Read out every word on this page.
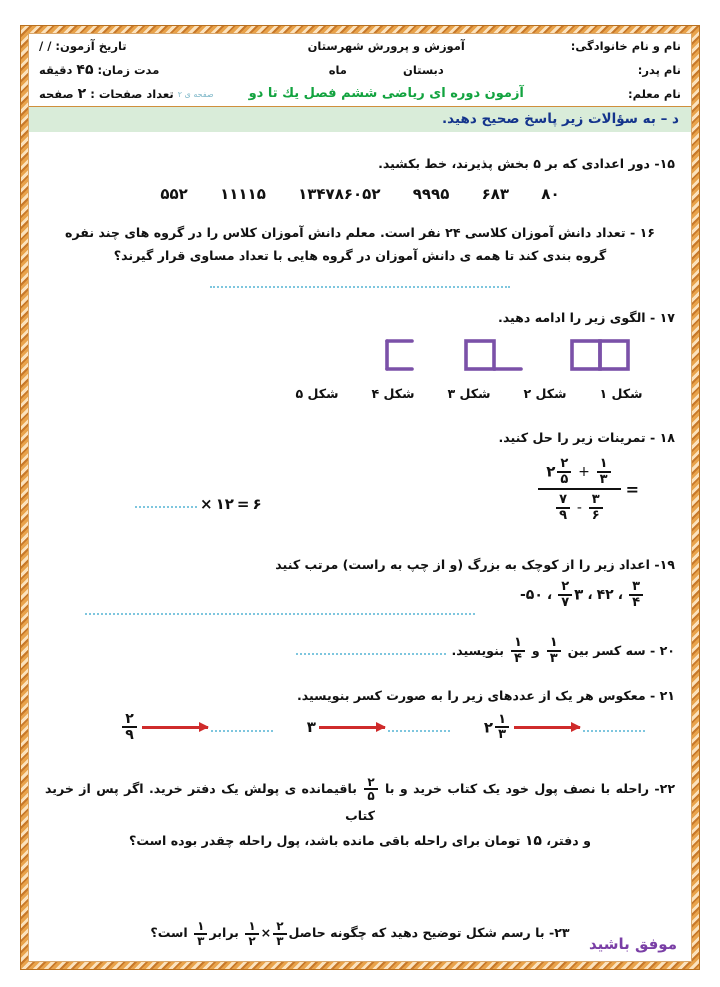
نام و نام خانوادگی:	آموزش و پرورش شهرستان	تاریخ آزمون: / /
نام پدر:	دبستان              ماه	مدت زمان: ۴۵ دقیقه
نام معلم:	آزمون دوره ای ریاضی ششم فصل یك تا دو	صفحه ی ۲ تعداد صفحات : ۲ صفحه
د – به سؤالات زیر پاسخ صحیح دهید.
۱۵- دور اعدادی که بر ۵ بخش پذیرند، خط بکشید.
۸۰ ۶۸۳ ۹۹۹۵ ۱۳۴۷۸۶۰۵۲ ۱۱۱۱۵ ۵۵۲
۱۶ - تعداد دانش آموزان کلاسی ۲۴ نفر است. معلم دانش آموزان کلاس را در گروه های چند نفره
گروه بندی کند تا همه ی دانش آموزان در گروه هایی با تعداد مساوی قرار گیرند؟
۱۷ - الگوی زیر را ادامه دهید.
شکل ۱
شکل ۲
شکل ۳
شکل ۴
شکل ۵
۱۸ - تمرینات زیر را حل کنید.
۲ $\frac{۲}{۵} + \frac{۱}{۳}$
$\frac{۷}{۹} - \frac{۳}{۶}$
=
× ۱۲ = ۶
۱۹- اعداد زیر را از کوچک به بزرگ (و از چپ به راست) مرتب کنید
$\frac{۳}{۴}$
،
۴۲
،
۳
$\frac{۲}{۷}$
،
۵۰-
۲۰ - سه کسر بین
$\frac{۱}{۳}$
و
$\frac{۱}{۴}$
بنویسید.
۲۱ - معکوس هر یک از عددهای زیر را به صورت کسر بنویسید.
$\frac{۲}{۹}$	۳	۲ $\frac{۱}{۳}$
۲۲- راحله با نصف پول خود یک کتاب خرید و با
$\frac{۲}{۵}$
باقیمانده ی پولش یک دفتر خرید. اگر پس از خرید کتاب
و دفتر، ۱۵ تومان برای راحله باقی مانده باشد، پول راحله چقدر بوده است؟
۲۳- با رسم شکل توضیح دهید که چگونه حاصل
$\frac{۲}{۳}$
×
$\frac{۱}{۲}$
برابر
$\frac{۱}{۳}$
است؟
موفق باشید
